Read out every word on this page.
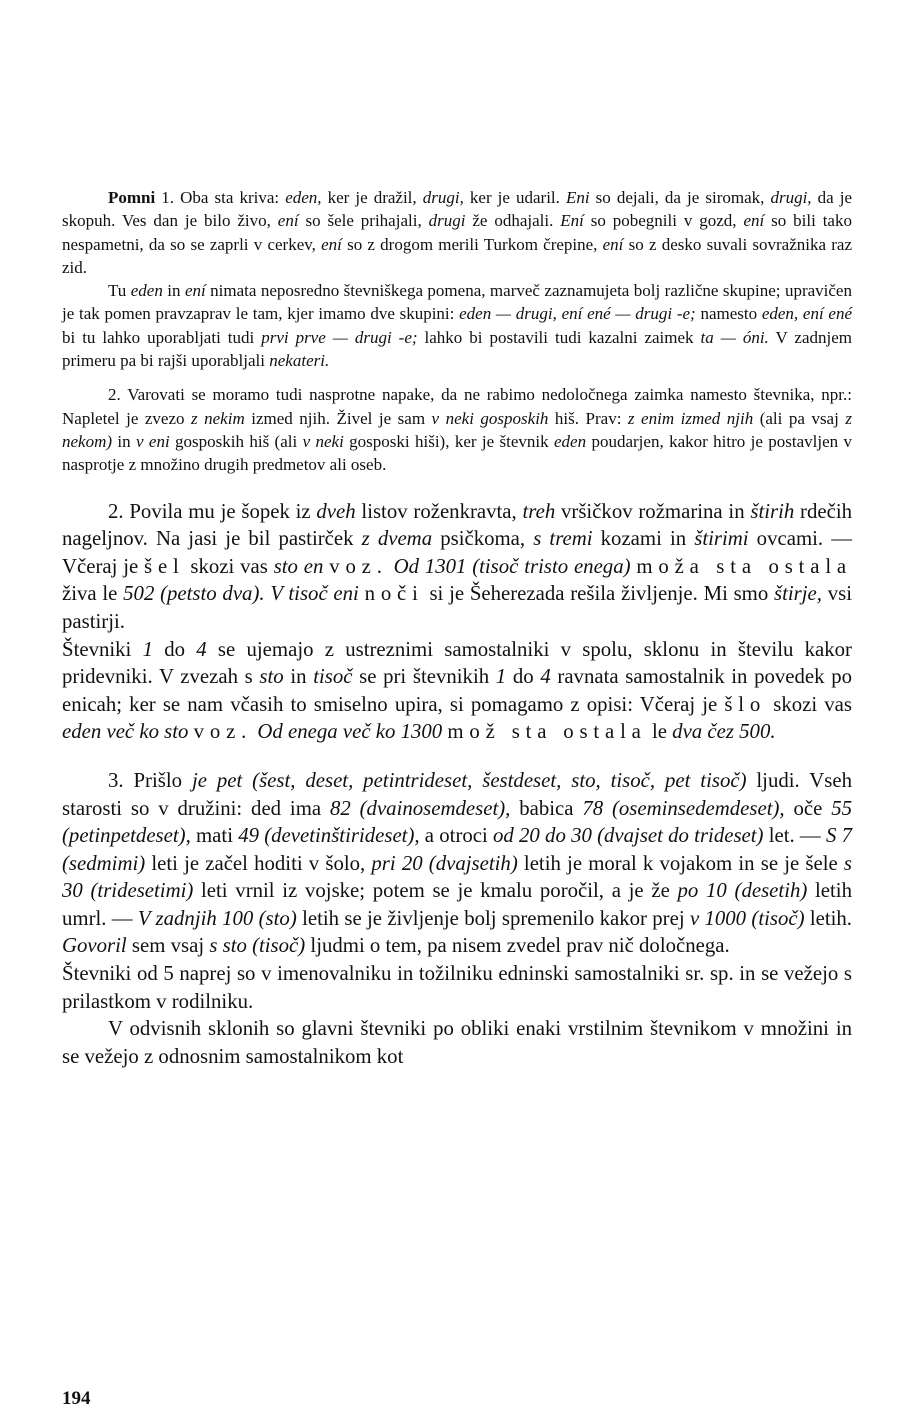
Pomni 1. Oba sta kriva: eden, ker je dražil, drugi, ker je udaril. Eni so dejali, da je siromak, drugi, da je skopuh. Ves dan je bilo živo, ení so šele prihajali, drugi že odhajali. Ení so pobegnili v gozd, ení so bili tako nespametni, da so se zaprli v cerkev, ení so z drogom merili Turkom črepine, ení so z desko suvali sovražnika raz zid.

Tu eden in ení nimata neposredno števniškega pomena, marveč zaznamujeta bolj različne skupine; upravičen je tak pomen pravzaprav le tam, kjer imamo dve skupini: eden — drugi, ení ené — drugi -e; namesto eden, ení ené bi tu lahko uporabljati tudi prvi prve — drugi -e; lahko bi postavili tudi kazalni zaimek ta — óni. V zadnjem primeru pa bi rajši uporabljali nekateri.

2. Varovati se moramo tudi nasprotne napake, da ne rabimo nedoločnega zaimka namesto števnika, npr.: Napletel je zvezo z nekim izmed njih. Živel je sam v neki gosposkih hiš. Prav: z enim izmed njih (ali pa vsaj z nekom) in v eni gosposkih hiš (ali v neki gosposki hiši), ker je števnik eden poudarjen, kakor hitro je postavljen v nasprotje z množino drugih predmetov ali oseb.

2. Povila mu je šopek iz dveh listov roženkravta, treh vršičkov rožmarina in štirih rdečih nageljnov. Na jasi je bil pastirček z dvema psičkoma, s tremi kozami in štirimi ovcami. — Včeraj je šel skozi vas sto en voz. Od 1301 (tisoč tristo enega) moža sta ostala živa le 502 (petsto dva). V tisoč eni noči si je Šeherezada rešila življenje. Mi smo štirje, vsi pastirji.

Števniki 1 do 4 se ujemajo z ustreznimi samostalniki v spolu, sklonu in številu kakor pridevniki. V zvezah s sto in tisoč se pri števnikih 1 do 4 ravnata samostalnik in povedek po enicah; ker se nam včasih to smiselno upira, si pomagamo z opisi: Včeraj je šlo skozi vas eden več ko sto voz. Od enega več ko 1300 mož sta ostala le dva čez 500.

3. Prišlo je pet (šest, deset, petintrideset, šestdeset, sto, tisoč, pet tisoč) ljudi. Vseh starosti so v družini: ded ima 82 (dvainosemdeset), babica 78 (oseminsedemdeset), oče 55 (petinpetdeset), mati 49 (devetinštirideset), a otroci od 20 do 30 (dvajset do trideset) let. — S 7 (sedmimi) leti je začel hoditi v šolo, pri 20 (dvajsetih) letih je moral k vojakom in se je šele s 30 (tridesetimi) leti vrnil iz vojske; potem se je kmalu poročil, a je že po 10 (desetih) letih umrl. — V zadnjih 100 (sto) letih se je življenje bolj spremenilo kakor prej v 1000 (tisoč) letih. Govoril sem vsaj s sto (tisoč) ljudmi o tem, pa nisem zvedel prav nič določnega.

Števniki od 5 naprej so v imenovalniku in tožilniku edninski samostalniki sr. sp. in se vežejo s prilastkom v rodilniku.

V odvisnih sklonih so glavni števniki po obliki enaki vrstilnim števnikom v množini in se vežejo z odnosnim samostalnikom kot

194
